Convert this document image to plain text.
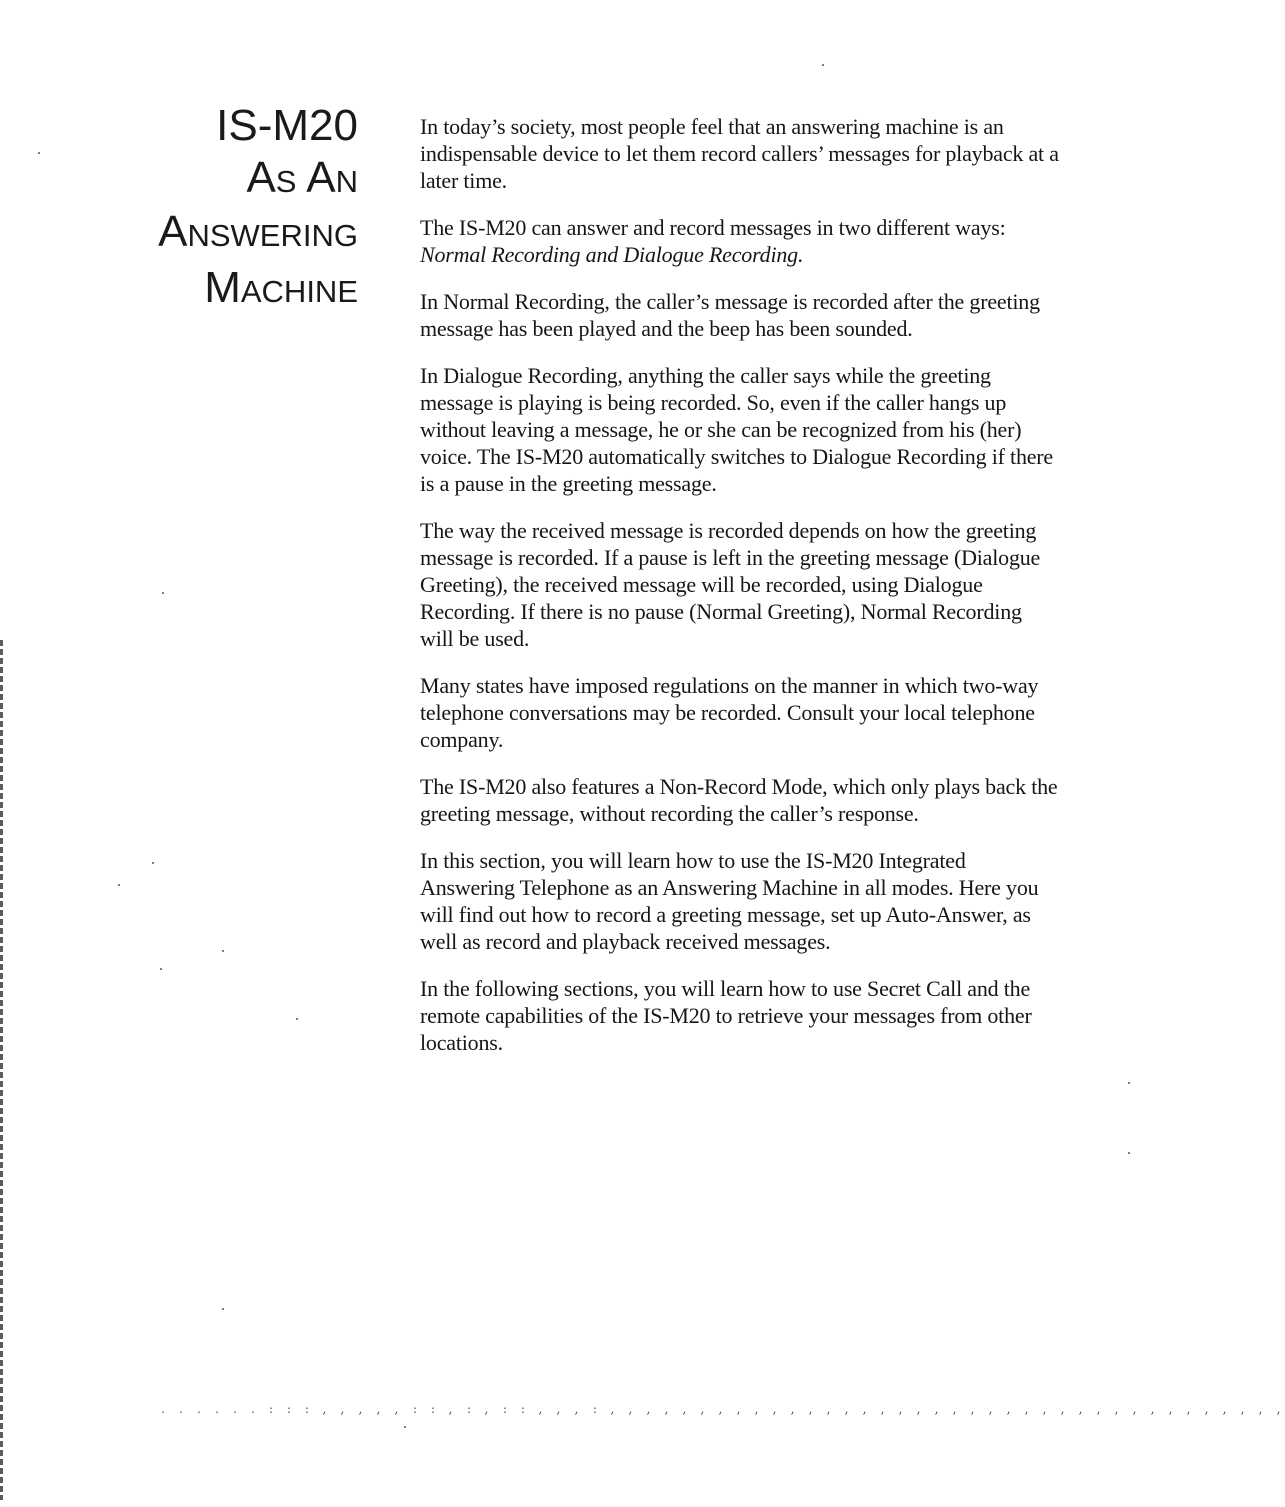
IS-M20
As An
Answering
Machine

In today’s society, most people feel that an answering machine is an indispensable device to let them record callers’ messages for playback at a later time.

The IS-M20 can answer and record messages in two different ways: Normal Recording and Dialogue Recording.

In Normal Recording, the caller’s message is recorded after the greeting message has been played and the beep has been sounded.

In Dialogue Recording, anything the caller says while the greeting message is playing is being recorded. So, even if the caller hangs up without leaving a message, he or she can be recognized from his (her) voice. The IS-M20 automatically switches to Dialogue Recording if there is a pause in the greeting message.

The way the received message is recorded depends on how the greeting message is recorded. If a pause is left in the greeting message (Dialogue Greeting), the received message will be recorded, using Dialogue Recording. If there is no pause (Normal Greeting), Normal Recording will be used.

Many states have imposed regulations on the manner in which two-way telephone conversations may be recorded. Consult your local telephone company.

The IS-M20 also features a Non-Record Mode, which only plays back the greeting message, without recording the caller’s response.

In this section, you will learn how to use the IS-M20 Integrated Answering Telephone as an Answering Machine in all modes. Here you will find out how to record a greeting message, set up Auto-Answer, as well as record and playback received messages.

In the following sections, you will learn how to use Secret Call and the remote capabilities of the IS-M20 to retrieve your messages from other locations.

. . . . . . : : : , , , , , : : , : , : : , , , : , , , , , , , , , , , , , , , , , , , , , , , , , , , , , , , , , , , , , ,
